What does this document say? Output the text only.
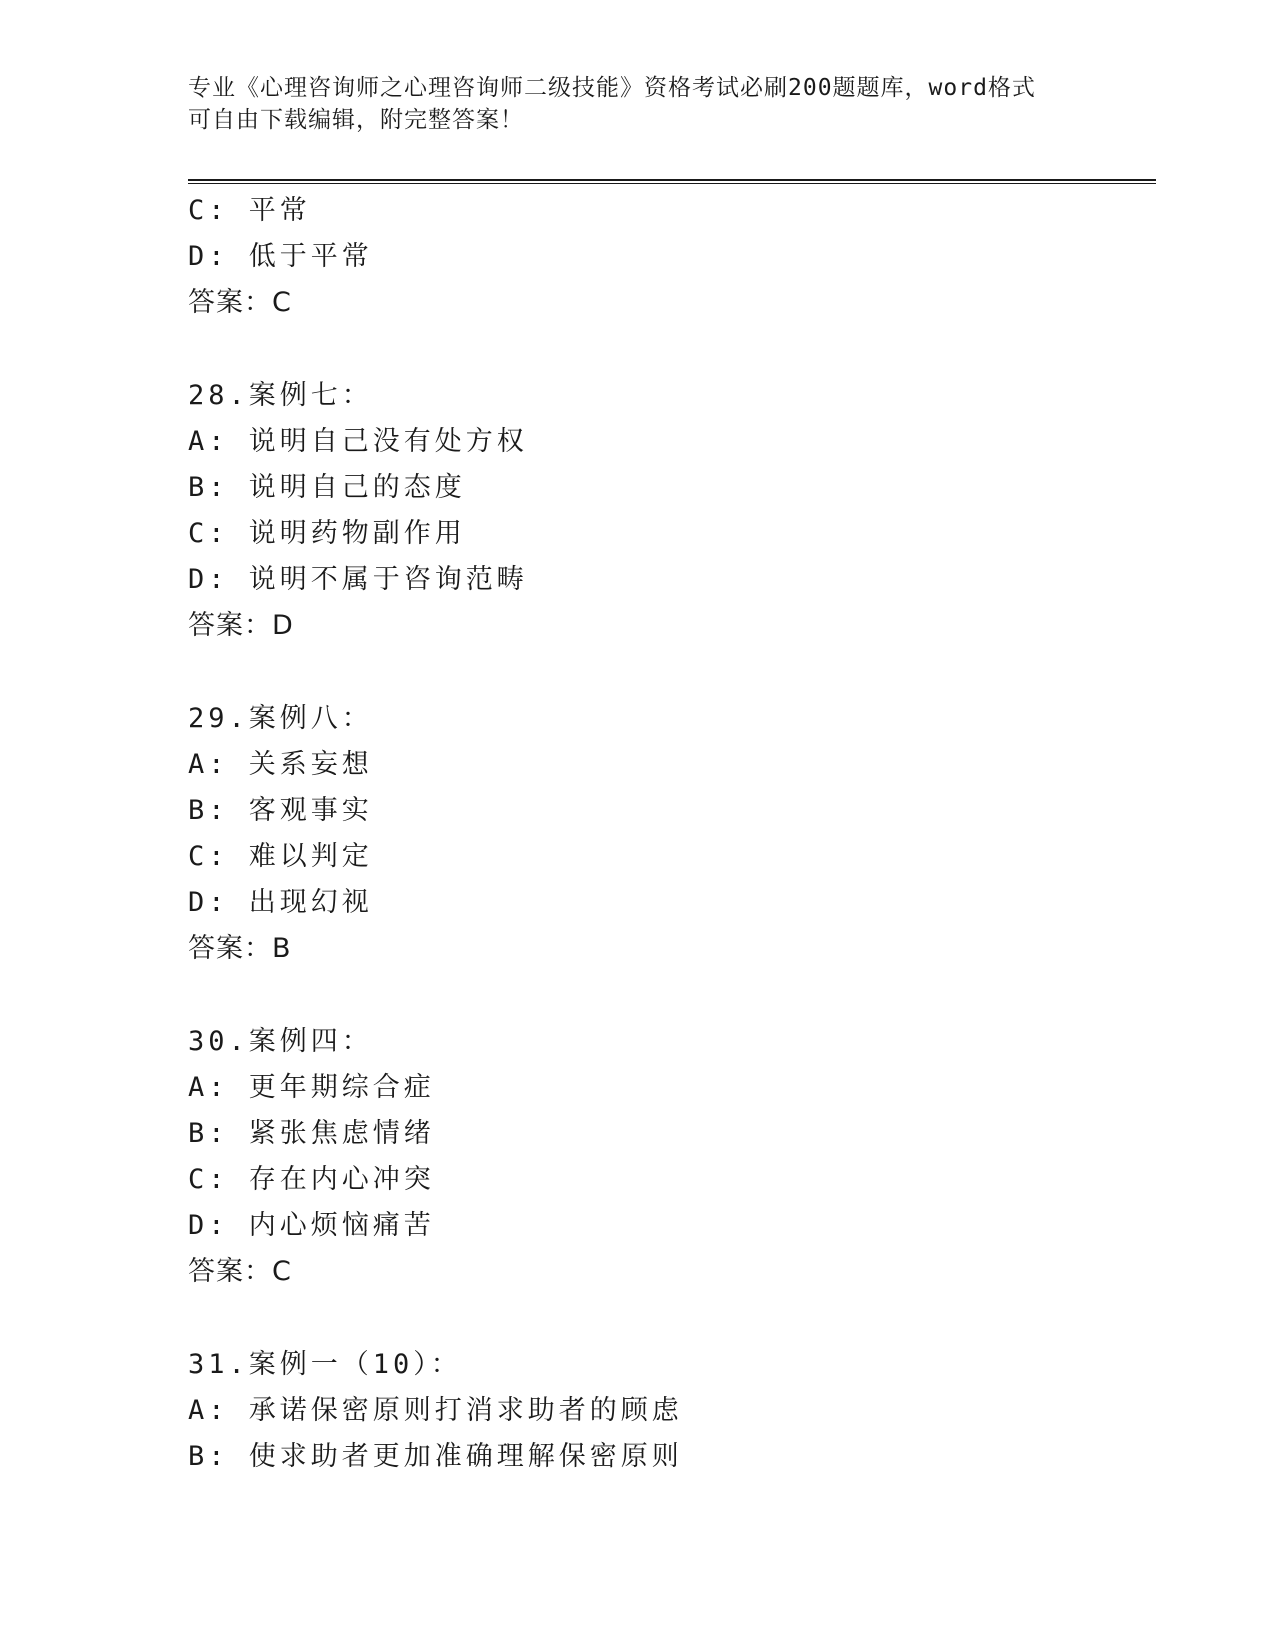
专业《心理咨询师之心理咨询师二级技能》资格考试必刷200题题库，word格式
可自由下载编辑，附完整答案！
C: 平常
D: 低于平常
答案：C
28.案例七：
A: 说明自己没有处方权
B: 说明自己的态度
C: 说明药物副作用
D: 说明不属于咨询范畴
答案：D
29.案例八：
A: 关系妄想
B: 客观事实
C: 难以判定
D: 出现幻视
答案：B
30.案例四：
A: 更年期综合症
B: 紧张焦虑情绪
C: 存在内心冲突
D: 内心烦恼痛苦
答案：C
31.案例一（10）：
A: 承诺保密原则打消求助者的顾虑
B: 使求助者更加准确理解保密原则
